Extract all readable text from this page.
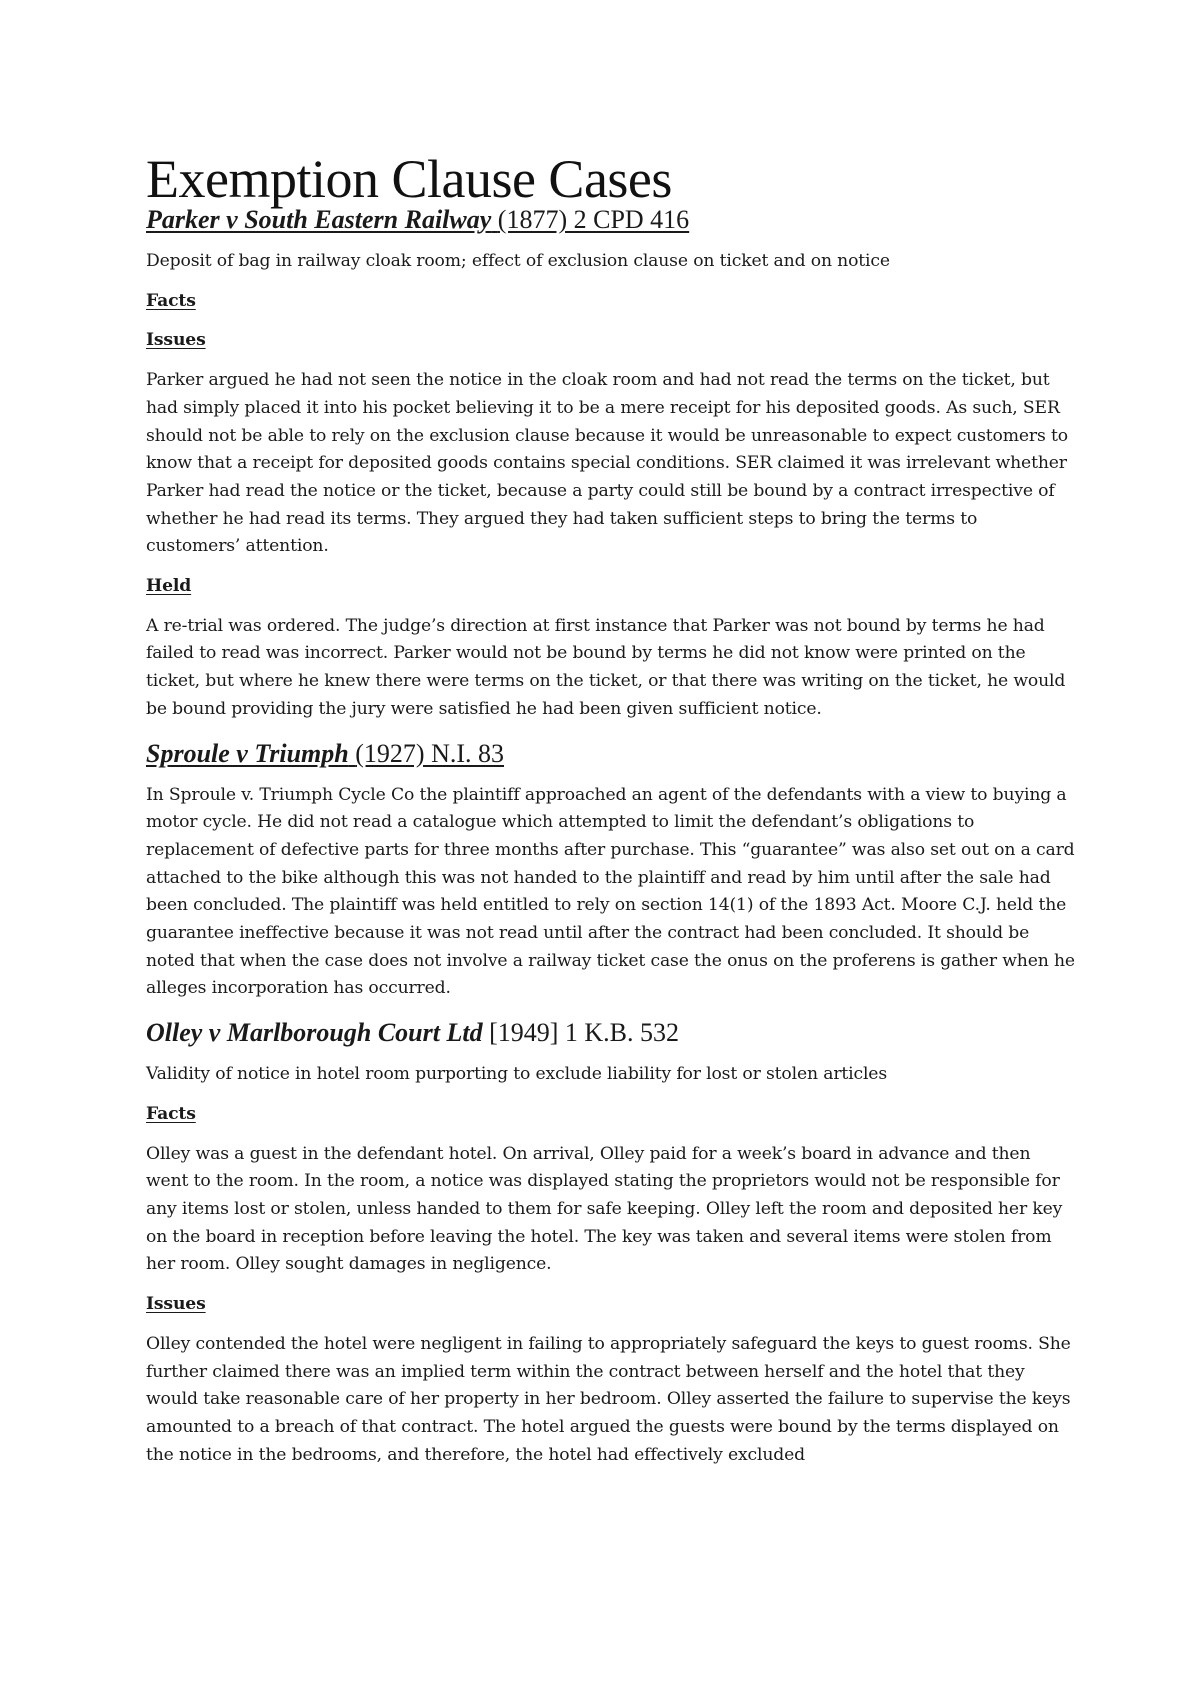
Exemption Clause Cases
Parker v South Eastern Railway (1877) 2 CPD 416

Deposit of bag in railway cloak room; effect of exclusion clause on ticket and on notice

Facts

Issues

Parker argued he had not seen the notice in the cloak room and had not read the terms on the ticket, but had simply placed it into his pocket believing it to be a mere receipt for his deposited goods. As such, SER should not be able to rely on the exclusion clause because it would be unreasonable to expect customers to know that a receipt for deposited goods contains special conditions. SER claimed it was irrelevant whether Parker had read the notice or the ticket, because a party could still be bound by a contract irrespective of whether he had read its terms. They argued they had taken sufficient steps to bring the terms to customers’ attention.

Held

A re-trial was ordered. The judge’s direction at first instance that Parker was not bound by terms he had failed to read was incorrect. Parker would not be bound by terms he did not know were printed on the ticket, but where he knew there were terms on the ticket, or that there was writing on the ticket, he would be bound providing the jury were satisfied he had been given sufficient notice.

Sproule v Triumph (1927) N.I. 83

In Sproule v. Triumph Cycle Co the plaintiff approached an agent of the defendants with a view to buying a motor cycle. He did not read a catalogue which attempted to limit the defendant’s obligations to replacement of defective parts for three months after purchase. This “guarantee” was also set out on a card attached to the bike although this was not handed to the plaintiff and read by him until after the sale had been concluded. The plaintiff was held entitled to rely on section 14(1) of the 1893 Act. Moore C.J. held the guarantee ineffective because it was not read until after the contract had been concluded. It should be noted that when the case does not involve a railway ticket case the onus on the proferens is gather when he alleges incorporation has occurred.

Olley v Marlborough Court Ltd [1949] 1 K.B. 532

Validity of notice in hotel room purporting to exclude liability for lost or stolen articles

Facts

Olley was a guest in the defendant hotel. On arrival, Olley paid for a week’s board in advance and then went to the room. In the room, a notice was displayed stating the proprietors would not be responsible for any items lost or stolen, unless handed to them for safe keeping. Olley left the room and deposited her key on the board in reception before leaving the hotel. The key was taken and several items were stolen from her room. Olley sought damages in negligence.

Issues

Olley contended the hotel were negligent in failing to appropriately safeguard the keys to guest rooms. She further claimed there was an implied term within the contract between herself and the hotel that they would take reasonable care of her property in her bedroom. Olley asserted the failure to supervise the keys amounted to a breach of that contract. The hotel argued the guests were bound by the terms displayed on the notice in the bedrooms, and therefore, the hotel had effectively excluded
